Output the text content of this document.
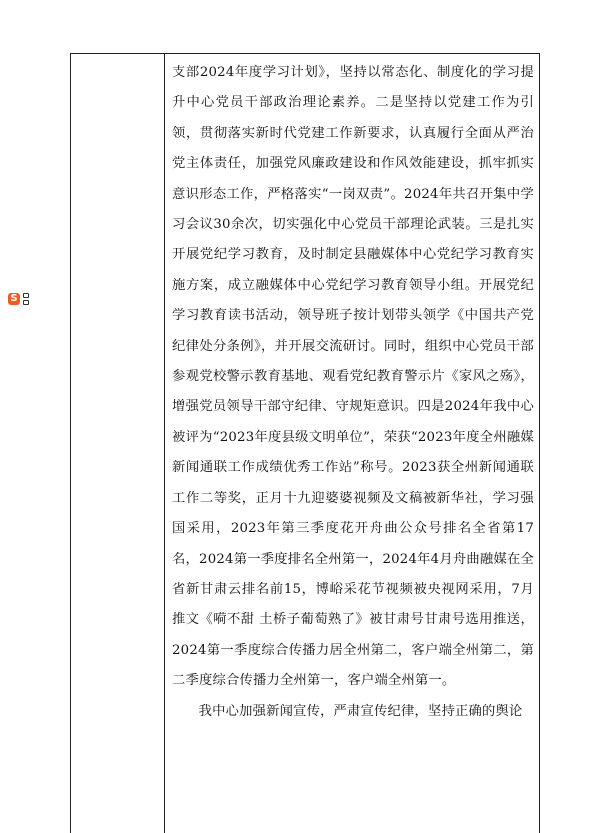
S

支部2024年度学习计划》，坚持以常态化、制度化的学习提升中心党员干部政治理论素养。二是坚持以党建工作为引领，贯彻落实新时代党建工作新要求，认真履行全面从严治党主体责任，加强党风廉政建设和作风效能建设，抓牢抓实意识形态工作，严格落实“一岗双责”。2024年共召开集中学习会议30余次，切实强化中心党员干部理论武装。三是扎实开展党纪学习教育，及时制定县融媒体中心党纪学习教育实施方案，成立融媒体中心党纪学习教育领导小组。开展党纪学习教育读书活动，领导班子按计划带头领学《中国共产党纪律处分条例》，并开展交流研讨。同时，组织中心党员干部参观党校警示教育基地、观看党纪教育警示片《家风之殇》，增强党员领导干部守纪律、守规矩意识。四是2024年我中心被评为“2023年度县级文明单位”，荣获“2023年度全州融媒新闻通联工作成绩优秀工作站”称号。2023获全州新闻通联工作二等奖，正月十九迎婆婆视频及文稿被新华社，学习强国采用，2023年第三季度花开舟曲公众号排名全省第17名，2024第一季度排名全州第一，2024年4月舟曲融媒在全省新甘肃云排名前15，博峪采花节视频被央视网采用，7月推文《嗬不甜 土桥子葡萄熟了》被甘肃号甘肃号选用推送，2024第一季度综合传播力居全州第二，客户端全州第二，第二季度综合传播力全州第一，客户端全州第一。

我中心加强新闻宣传，严肃宣传纪律，坚持正确的舆论
